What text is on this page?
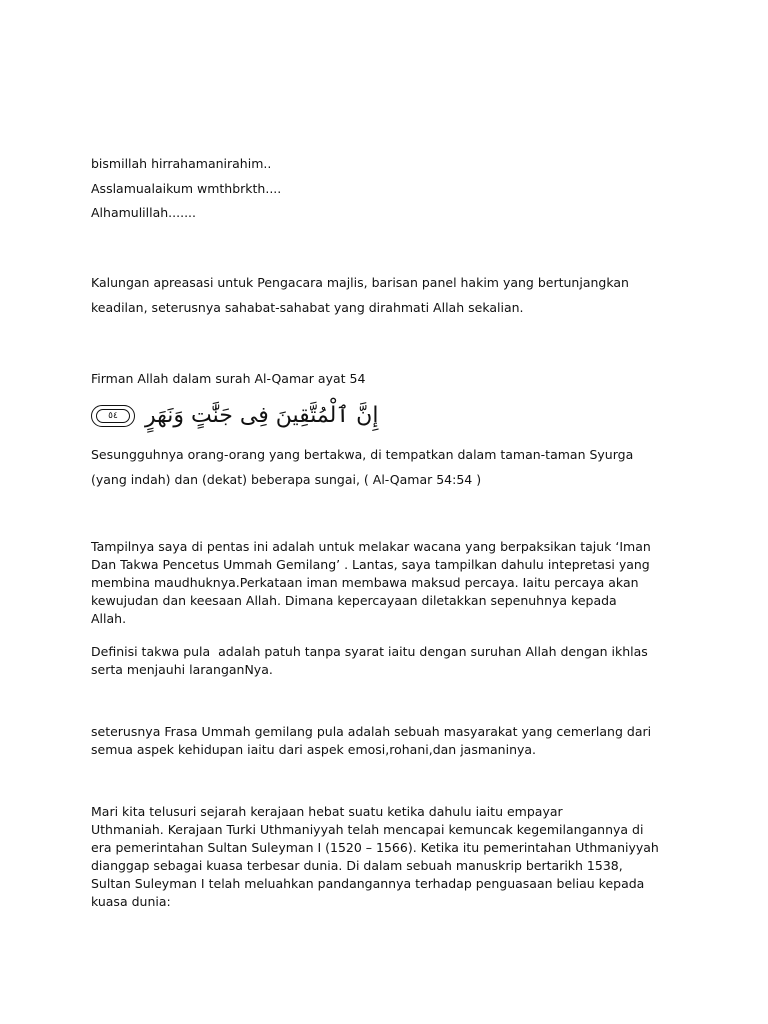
bismillah hirrahamanirahim..

Asslamualaikum wmthbrkth....

Alhamulillah.......

Kalungan apreasasi untuk Pengacara majlis, barisan panel hakim yang bertunjangkan

keadilan, seterusnya sahabat-sahabat yang dirahmati Allah sekalian.

Firman Allah dalam surah Al-Qamar ayat 54

٥٤ إِنَّ ٱلْمُتَّقِينَ فِى جَنَّٰتٍ وَنَهَرٍ

Sesungguhnya orang-orang yang bertakwa, di tempatkan dalam taman-taman Syurga

(yang indah) dan (dekat) beberapa sungai, ( Al-Qamar 54:54 )

Tampilnya saya di pentas ini adalah untuk melakar wacana yang berpaksikan tajuk ‘Iman

Dan Takwa Pencetus Ummah Gemilang’ . Lantas, saya tampilkan dahulu intepretasi yang

membina maudhuknya.Perkataan iman membawa maksud percaya. Iaitu percaya akan

kewujudan dan keesaan Allah. Dimana kepercayaan diletakkan sepenuhnya kepada

Allah.

Definisi takwa pula  adalah patuh tanpa syarat iaitu dengan suruhan Allah dengan ikhlas

serta menjauhi laranganNya.

seterusnya Frasa Ummah gemilang pula adalah sebuah masyarakat yang cemerlang dari

semua aspek kehidupan iaitu dari aspek emosi,rohani,dan jasmaninya.

Mari kita telusuri sejarah kerajaan hebat suatu ketika dahulu iaitu empayar

Uthmaniah. Kerajaan Turki Uthmaniyyah telah mencapai kemuncak kegemilangannya di

era pemerintahan Sultan Suleyman I (1520 – 1566). Ketika itu pemerintahan Uthmaniyyah

dianggap sebagai kuasa terbesar dunia. Di dalam sebuah manuskrip bertarikh 1538,

Sultan Suleyman I telah meluahkan pandangannya terhadap penguasaan beliau kepada

kuasa dunia:
